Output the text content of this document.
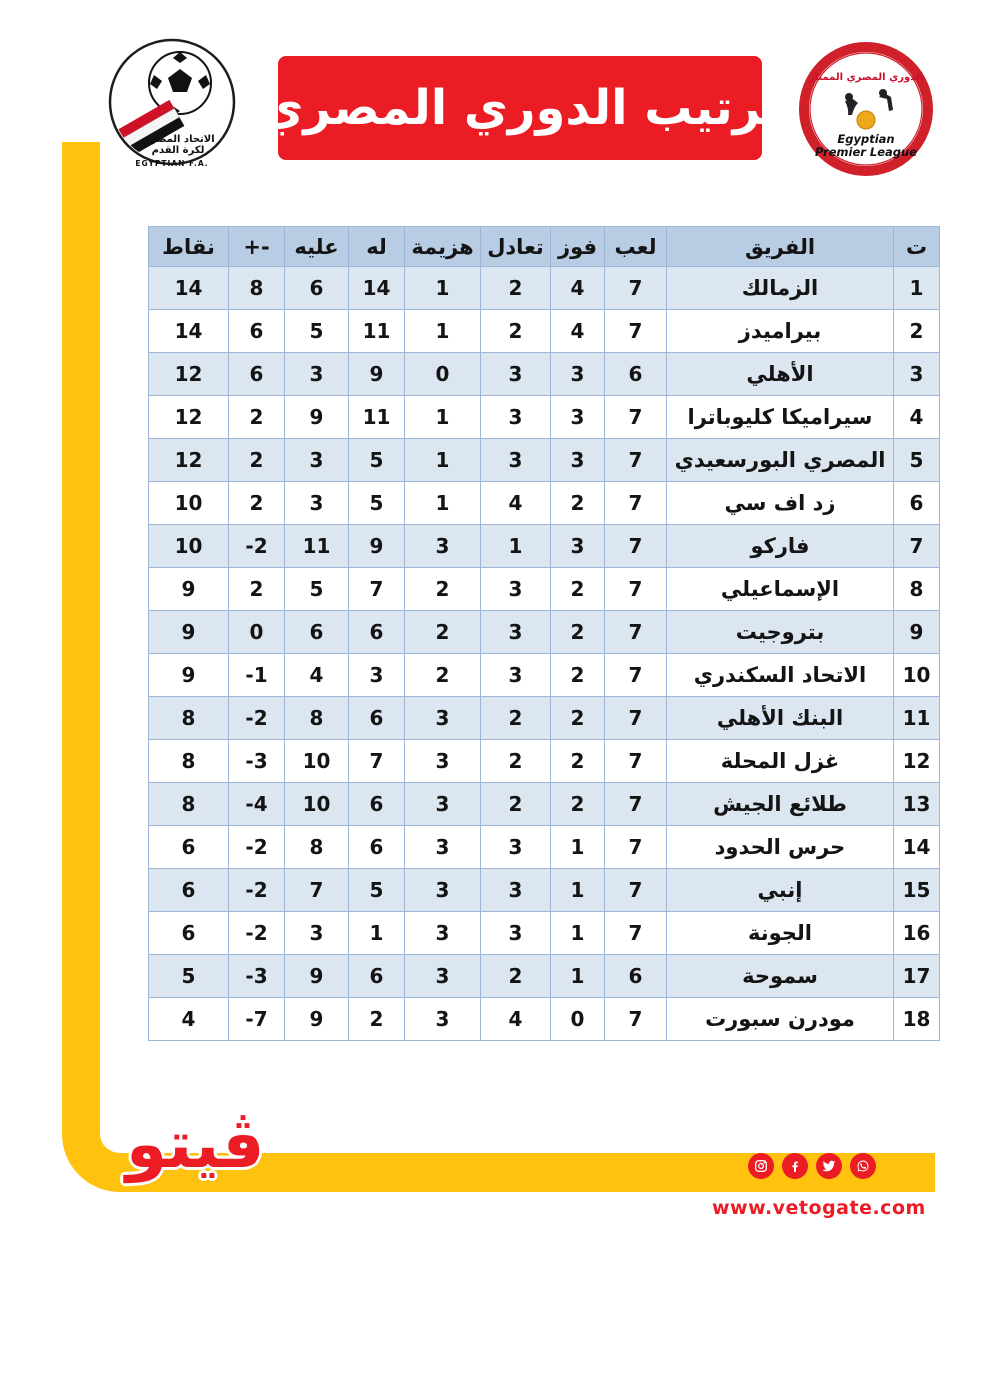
الاتحاد المصري
لكرة القدم
EGYPTIAN F.A.
ترتيب الدوري المصري
الدوري المصري الممتاز
Egyptian
Premier League
ت	الفريق	لعب	فوز	تعادل	هزيمة	له	عليه	+-	نقاط
1	الزمالك	7	4	2	1	14	6	8	14
2	بيراميدز	7	4	2	1	11	5	6	14
3	الأهلي	6	3	3	0	9	3	6	12
4	سيراميكا كليوباترا	7	3	3	1	11	9	2	12
5	المصري البورسعيدي	7	3	3	1	5	3	2	12
6	زد اف سي	7	2	4	1	5	3	2	10
7	فاركو	7	3	1	3	9	11	-2	10
8	الإسماعيلي	7	2	3	2	7	5	2	9
9	بتروجيت	7	2	3	2	6	6	0	9
10	الاتحاد السكندري	7	2	3	2	3	4	-1	9
11	البنك الأهلي	7	2	2	3	6	8	-2	8
12	غزل المحلة	7	2	2	3	7	10	-3	8
13	طلائع الجيش	7	2	2	3	6	10	-4	8
14	حرس الحدود	7	1	3	3	6	8	-2	6
15	إنبي	7	1	3	3	5	7	-2	6
16	الجونة	7	1	3	3	1	3	-2	6
17	سموحة	6	1	2	3	6	9	-3	5
18	مودرن سبورت	7	0	4	3	2	9	-7	4
ڤيتو
www.vetogate.com
